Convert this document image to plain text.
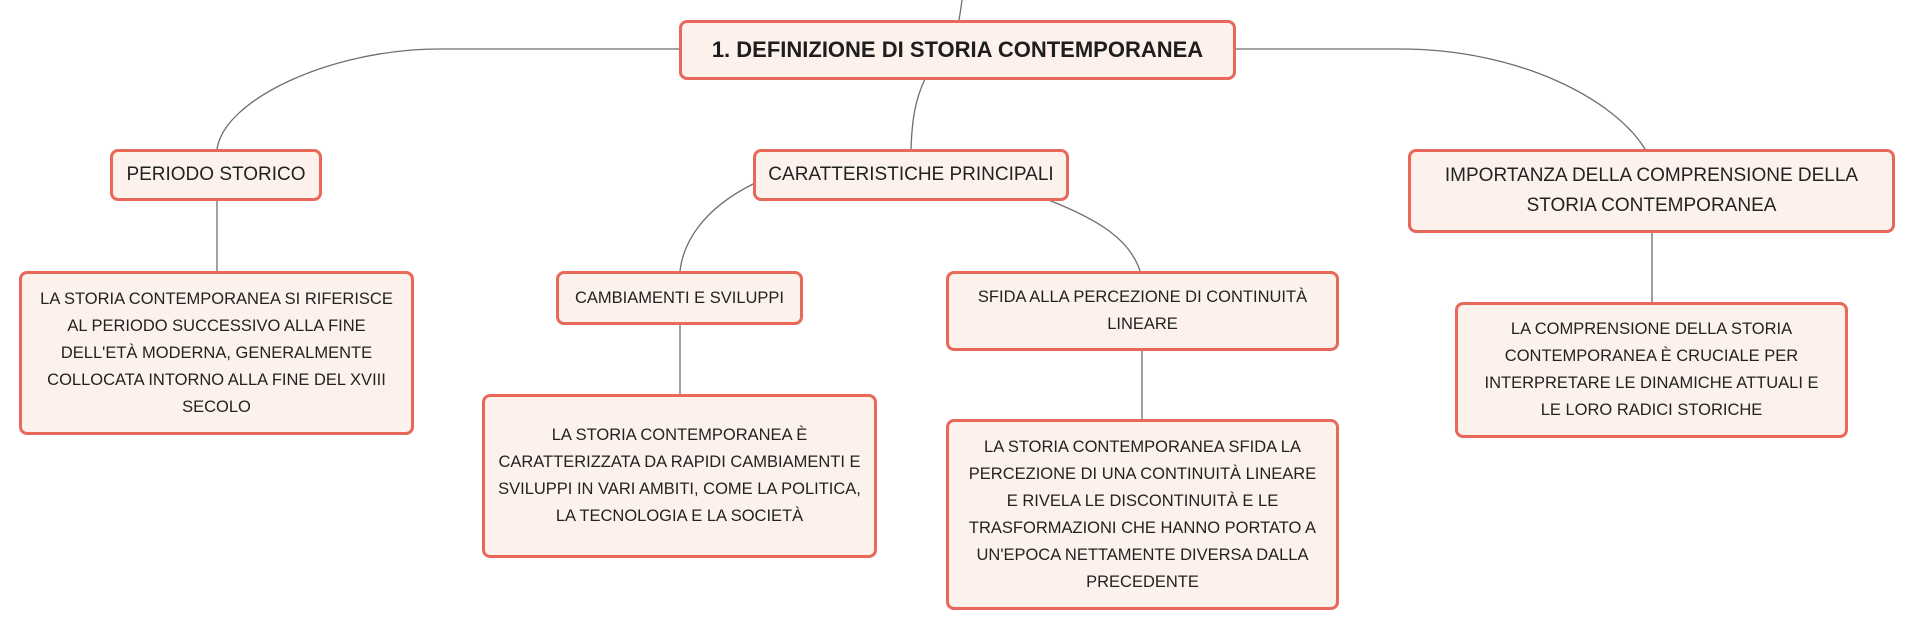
1. DEFINIZIONE DI STORIA CONTEMPORANEA
PERIODO STORICO	CARATTERISTICHE PRINCIPALI	IMPORTANZA DELLA COMPRENSIONE DELLA STORIA CONTEMPORANEA
LA STORIA CONTEMPORANEA SI RIFERISCE AL PERIODO SUCCESSIVO ALLA FINE DELL'ETÀ MODERNA, GENERALMENTE COLLOCATA INTORNO ALLA FINE DEL XVIII SECOLO
CAMBIAMENTI E SVILUPPI	SFIDA ALLA PERCEZIONE DI CONTINUITÀ LINEARE
LA STORIA CONTEMPORANEA È CARATTERIZZATA DA RAPIDI CAMBIAMENTI E SVILUPPI IN VARI AMBITI, COME LA POLITICA, LA TECNOLOGIA E LA SOCIETÀ
LA STORIA CONTEMPORANEA SFIDA LA PERCEZIONE DI UNA CONTINUITÀ LINEARE E RIVELA LE DISCONTINUITÀ E LE TRASFORMAZIONI CHE HANNO PORTATO A UN'EPOCA NETTAMENTE DIVERSA DALLA PRECEDENTE
LA COMPRENSIONE DELLA STORIA CONTEMPORANEA È CRUCIALE PER INTERPRETARE LE DINAMICHE ATTUALI E LE LORO RADICI STORICHE
